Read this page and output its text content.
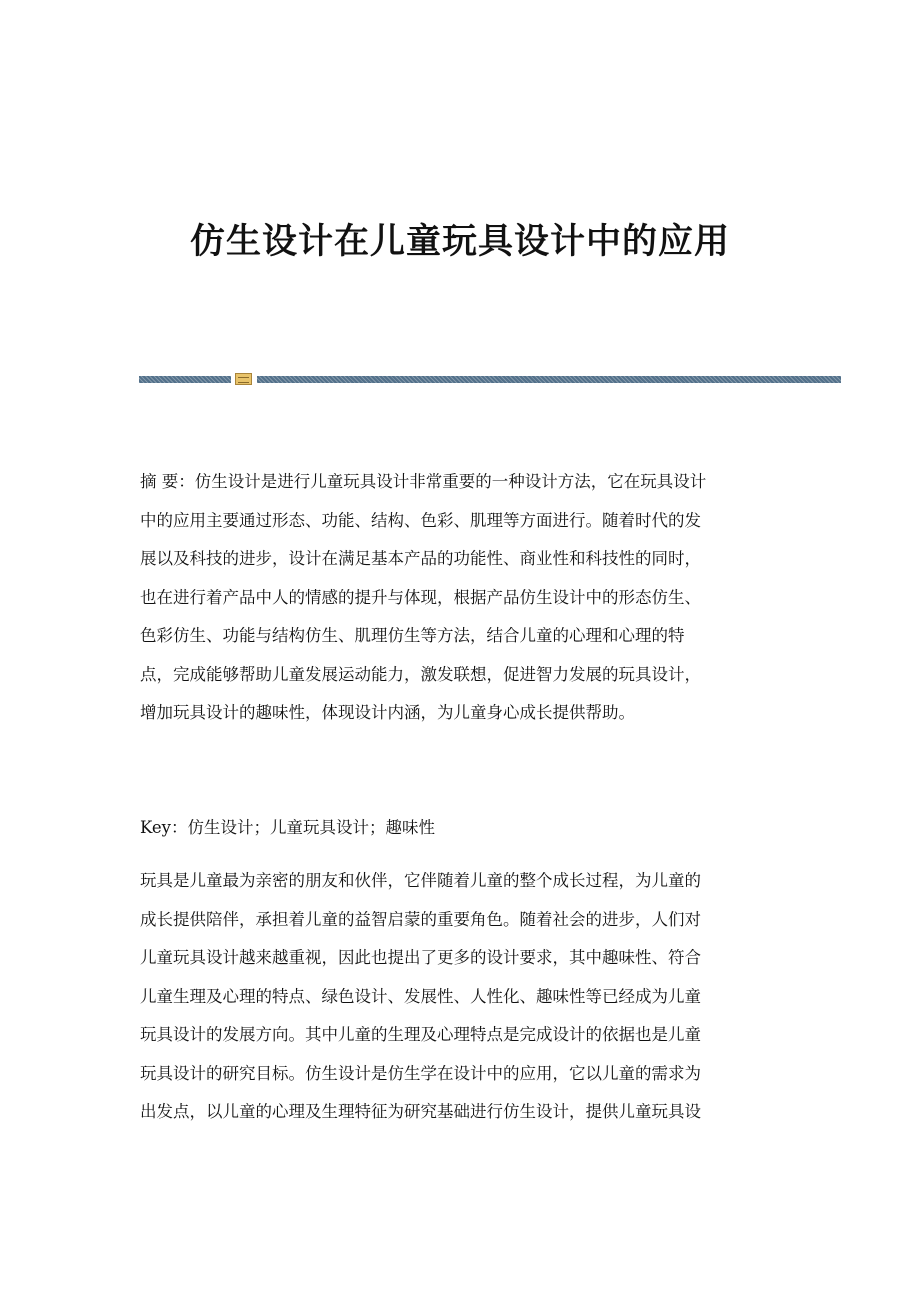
仿生设计在儿童玩具设计中的应用
摘 要：仿生设计是进行儿童玩具设计非常重要的一种设计方法，它在玩具设计
中的应用主要通过形态、功能、结构、色彩、肌理等方面进行。随着时代的发
展以及科技的进步，设计在满足基本产品的功能性、商业性和科技性的同时，
也在进行着产品中人的情感的提升与体现，根据产品仿生设计中的形态仿生、
色彩仿生、功能与结构仿生、肌理仿生等方法，结合儿童的心理和心理的特
点，完成能够帮助儿童发展运动能力，激发联想，促进智力发展的玩具设计，
增加玩具设计的趣味性，体现设计内涵，为儿童身心成长提供帮助。
Key：仿生设计；儿童玩具设计；趣味性
玩具是儿童最为亲密的朋友和伙伴，它伴随着儿童的整个成长过程，为儿童的
成长提供陪伴，承担着儿童的益智启蒙的重要角色。随着社会的进步，人们对
儿童玩具设计越来越重视，因此也提出了更多的设计要求，其中趣味性、符合
儿童生理及心理的特点、绿色设计、发展性、人性化、趣味性等已经成为儿童
玩具设计的发展方向。其中儿童的生理及心理特点是完成设计的依据也是儿童
玩具设计的研究目标。仿生设计是仿生学在设计中的应用，它以儿童的需求为
出发点，以儿童的心理及生理特征为研究基础进行仿生设计，提供儿童玩具设
